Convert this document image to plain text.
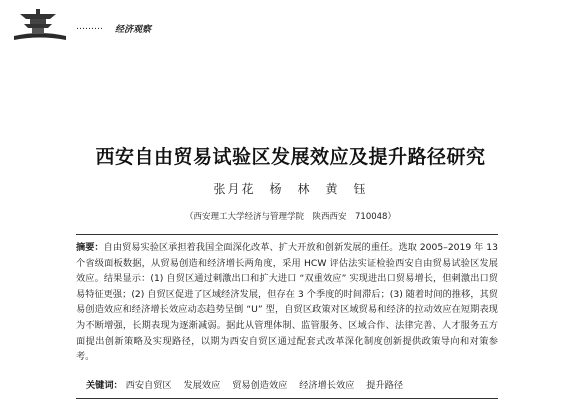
……… 经济观察
西安自由贸易试验区发展效应及提升路径研究
张月花　杨　林　黄　钰
（西安理工大学经济与管理学院　陕西西安　710048）
摘要：自由贸易实验区承担着我国全面深化改革、扩大开放和创新发展的重任。选取 2005–2019 年 13 个省级面板数据，从贸易创造和经济增长两角度，采用 HCW 评估法实证检验西安自由贸易试验区发展效应。结果显示：(1) 自贸区通过刺激出口和扩大进口 “双重效应” 实现进出口贸易增长，但刺激出口贸易特征更强；(2) 自贸区促进了区域经济发展，但存在 3 个季度的时间滞后；(3) 随着时间的推移，其贸易创造效应和经济增长效应动态趋势呈倒 “U” 型，自贸区政策对区域贸易和经济的拉动效应在短期表现为不断增强，长期表现为逐渐减弱。据此从管理体制、监管服务、区域合作、法律完善、人才服务五方面提出创新策略及实现路径，以期为西安自贸区通过配套式改革深化制度创新提供政策导向和对策参考。
关键词： 西安自贸区 发展效应 贸易创造效应 经济增长效应 提升路径
